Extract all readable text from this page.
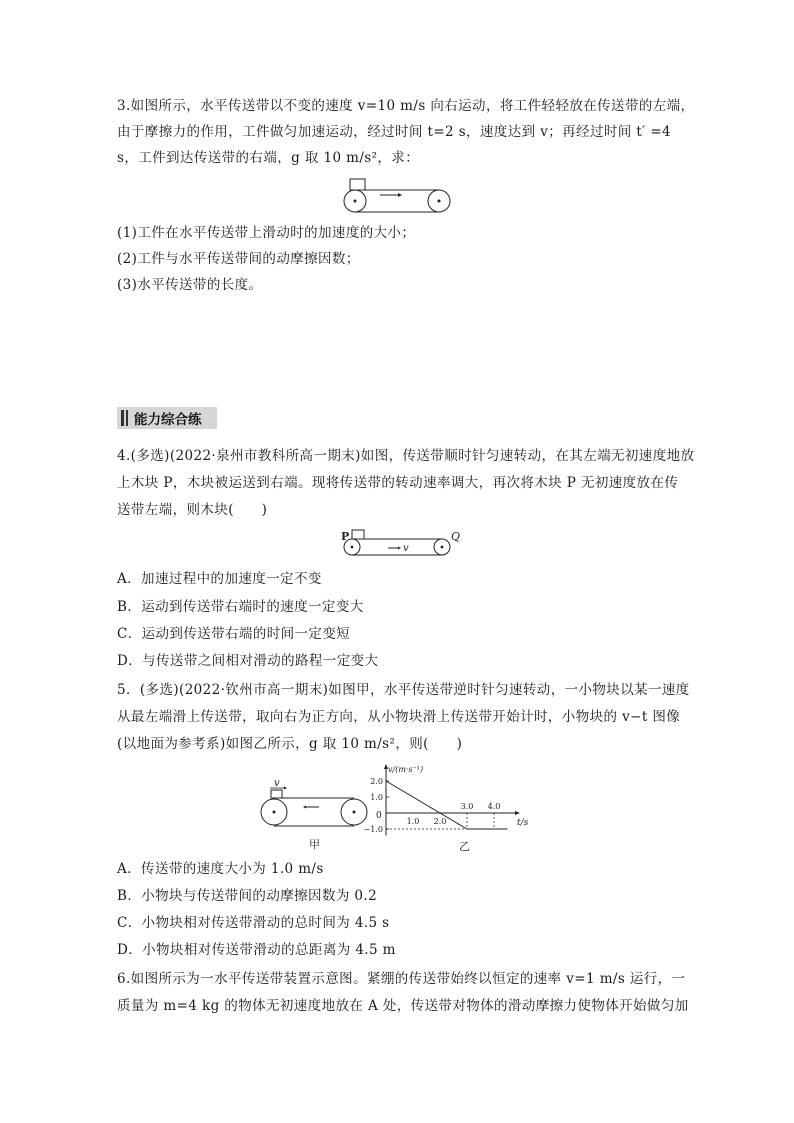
3.如图所示，水平传送带以不变的速度 v=10 m/s 向右运动，将工件轻轻放在传送带的左端，
由于摩擦力的作用，工件做匀加速运动，经过时间 t=2 s，速度达到 v；再经过时间 t′ =4
s，工件到达传送带的右端，g 取 10 m/s²，求：
(1)工件在水平传送带上滑动时的加速度的大小；
(2)工件与水平传送带间的动摩擦因数；
(3)水平传送带的长度。
能力综合练
4.(多选)(2022·泉州市教科所高一期末)如图，传送带顺时针匀速转动，在其左端无初速度地放
上木块 P，木块被运送到右端。现将传送带的转动速率调大，再次将木块 P 无初速度放在传
送带左端，则木块(　　)
P
v
Q
A．加速过程中的加速度一定不变
B．运动到传送带右端时的速度一定变大
C．运动到传送带右端的时间一定变短
D．与传送带之间相对滑动的路程一定变大
5．(多选)(2022·钦州市高一期末)如图甲，水平传送带逆时针匀速转动，一小物块以某一速度
从最左端滑上传送带，取向右为正方向，从小物块滑上传送带开始计时，小物块的 v−t 图像
(以地面为参考系)如图乙所示，g 取 10 m/s²，则(　　)
v
甲
v/(m·s⁻¹)
t/s
0
乙
2.0
1.0
−1.0
1.0 2.0
3.0 4.0
A．传送带的速度大小为 1.0 m/s
B．小物块与传送带间的动摩擦因数为 0.2
C．小物块相对传送带滑动的总时间为 4.5 s
D．小物块相对传送带滑动的总距离为 4.5 m
6.如图所示为一水平传送带装置示意图。紧绷的传送带始终以恒定的速率 v=1 m/s 运行，一
质量为 m=4 kg 的物体无初速度地放在 A 处，传送带对物体的滑动摩擦力使物体开始做匀加
